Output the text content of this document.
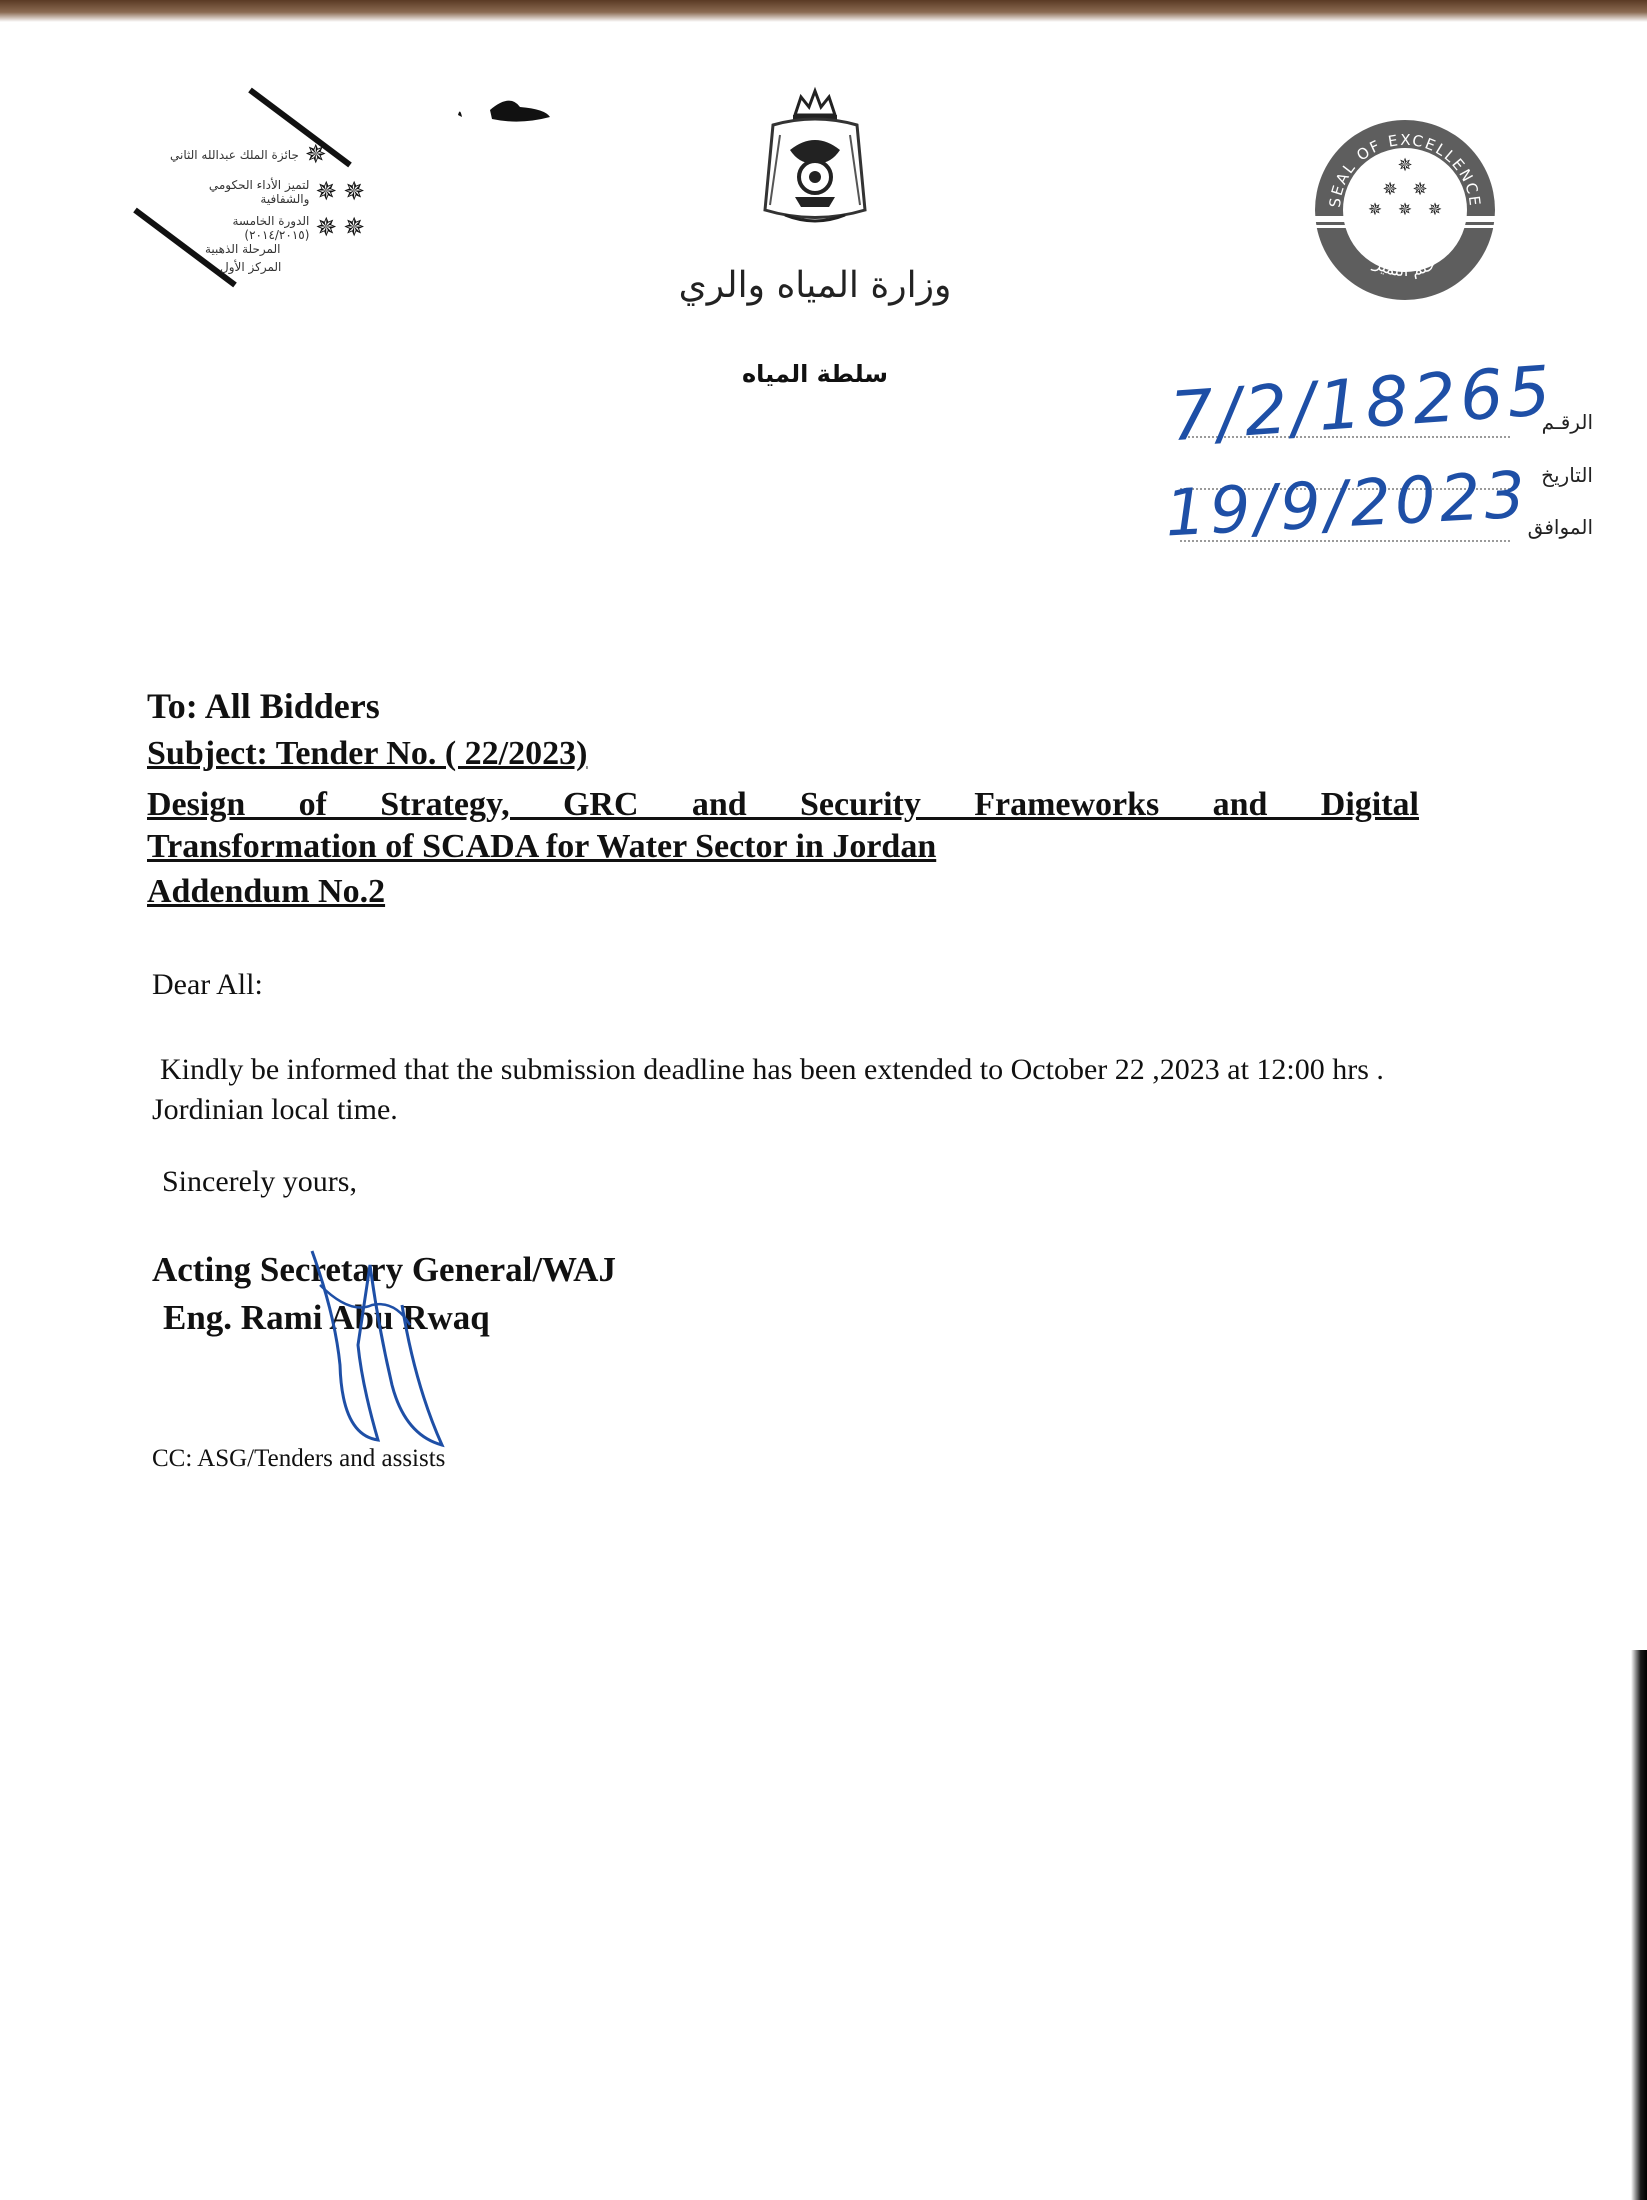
جائزة الملك عبدالله الثاني ✵
لتميز الأداء الحكومي والشفافية ✵ ✵
الدورة الخامسة (٢٠١٤/٢٠١٥) ✵ ✵
المرحلة الذهبية
المركز الأول	وزارة المياه والري
سلطة المياه
SEAL OF EXCELLENCE
ختم التميز
✵
✵ ✵
✵ ✵ ✵
الرقـم
التاريخ
الموافق
7/2/18265
19/9/2023
To: All Bidders
Subject: Tender No. ( 22/2023)
Design of Strategy, GRC and Security Frameworks and Digital
Transformation of SCADA for Water Sector in Jordan
Addendum No.2
Dear All:
Kindly be informed that the submission deadline has been extended to October 22 ,2023 at 12:00 hrs . Jordinian local time.
Sincerely yours,
Acting Secretary General/WAJ
Eng. Rami Abu Rwaq
CC: ASG/Tenders and assists
